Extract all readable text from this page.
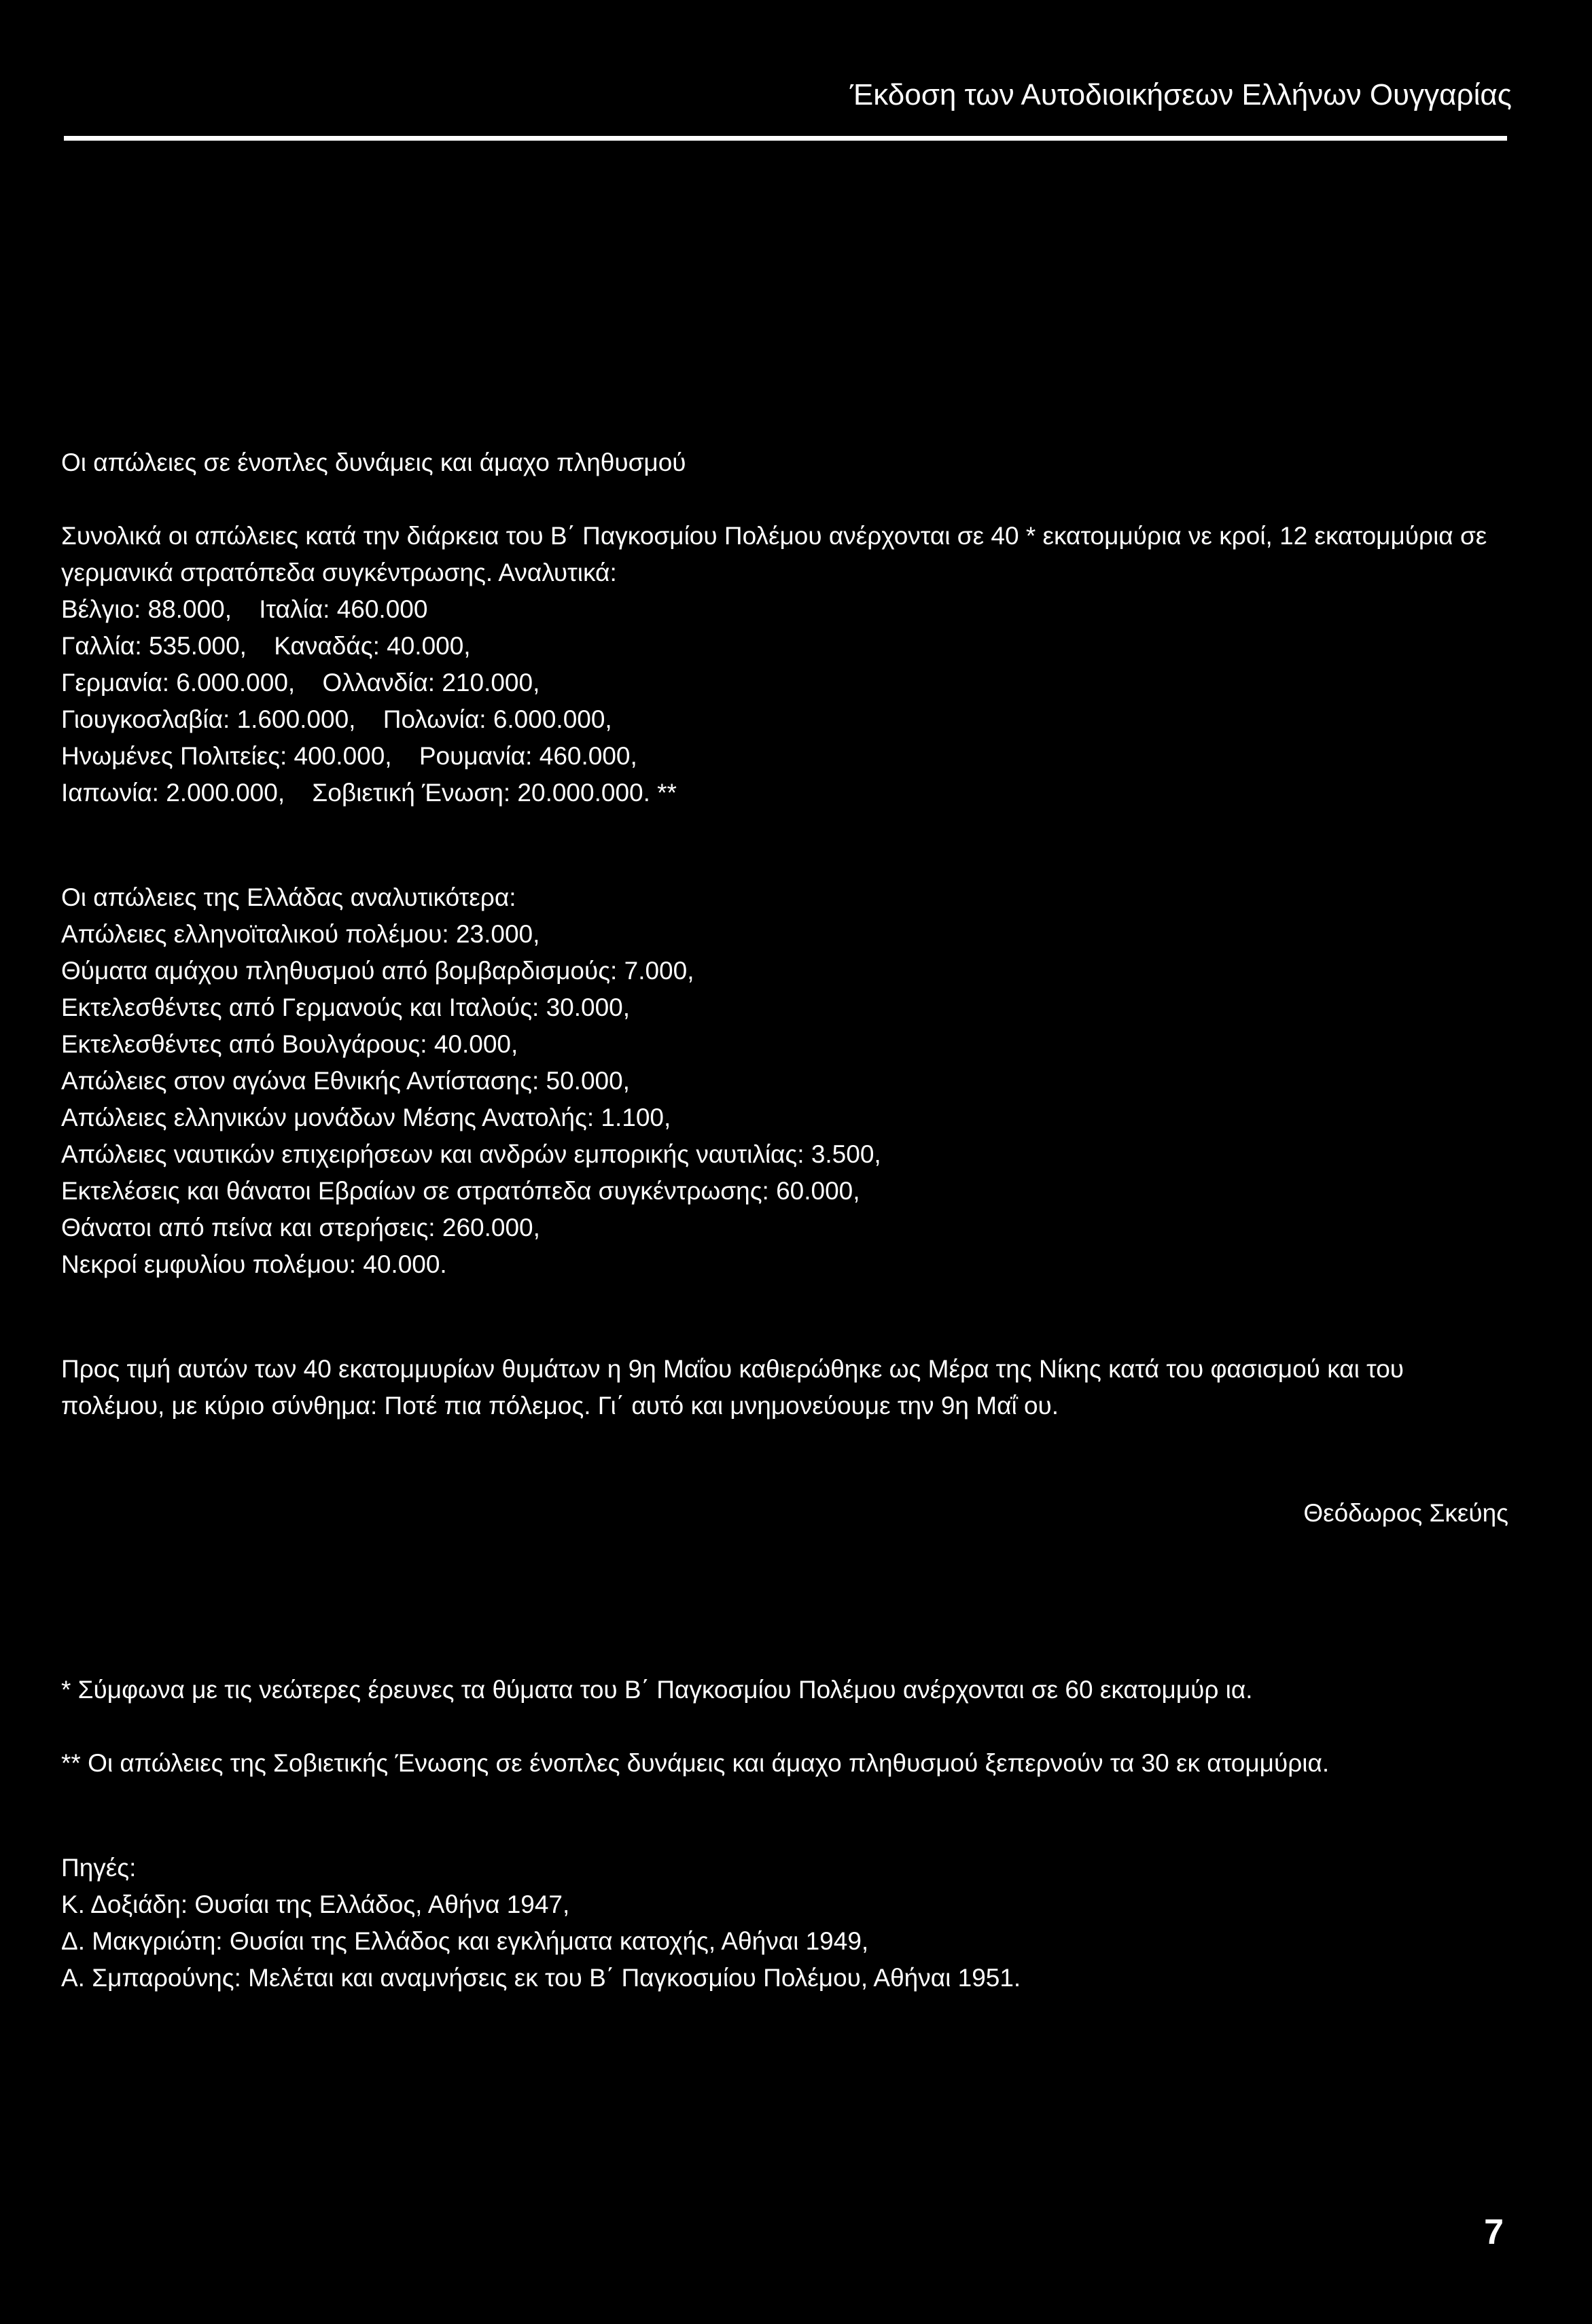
Έκδοση των Αυτοδιοικήσεων Ελλήνων Ουγγαρίας
Οι απώλειες σε ένοπλες δυνάμεις και άμαχο πληθυσμού
Συνολικά οι απώλειες κατά την διάρκεια του Β΄ Παγκοσμίου Πολέμου ανέρχονται σε 40 * εκατομμύρια νε κροί, 12 εκατομμύρια σε γερμανικά στρατόπεδα συγκέντρωσης. Αναλυτικά:
Βέλγιο: 88.000, Ιταλία: 460.000
Γαλλία: 535.000, Καναδάς: 40.000,
Γερμανία: 6.000.000, Ολλανδία: 210.000,
Γιουγκοσλαβία: 1.600.000, Πολωνία: 6.000.000,
Ηνωμένες Πολιτείες: 400.000, Ρουμανία: 460.000,
Ιαπωνία: 2.000.000, Σοβιετική Ένωση: 20.000.000. **
Οι απώλειες της Ελλάδας αναλυτικότερα:
Απώλειες ελληνοϊταλικού πολέμου: 23.000,
Θύματα αμάχου πληθυσμού από βομβαρδισμούς: 7.000,
Εκτελεσθέντες από Γερμανούς και Ιταλούς: 30.000,
Εκτελεσθέντες από Βουλγάρους: 40.000,
Απώλειες στον αγώνα Εθνικής Αντίστασης: 50.000,
Απώλειες ελληνικών μονάδων Μέσης Ανατολής: 1.100,
Απώλειες ναυτικών επιχειρήσεων και ανδρών εμπορικής ναυτιλίας: 3.500,
Εκτελέσεις και θάνατοι Εβραίων σε στρατόπεδα συγκέντρωσης: 60.000,
Θάνατοι από πείνα και στερήσεις: 260.000,
Νεκροί εμφυλίου πολέμου: 40.000.
Προς τιμή αυτών των 40 εκατομμυρίων θυμάτων η 9η Μαΐου καθιερώθηκε ως Μέρα της Νίκης κατά του φασισμού και του πολέμου, με κύριο σύνθημα: Ποτέ πια πόλεμος. Γι΄ αυτό και μνημονεύουμε την 9η Μαΐ ου.
Θεόδωρος Σκεύης
* Σύμφωνα με τις νεώτερες έρευνες τα θύματα του Β΄ Παγκοσμίου Πολέμου ανέρχονται σε 60 εκατομμύρ ια.
** Οι απώλειες της Σοβιετικής Ένωσης σε ένοπλες δυνάμεις και άμαχο πληθυσμού ξεπερνούν τα 30 εκ ατομμύρια.
Πηγές:
Κ. Δοξιάδη: Θυσίαι της Ελλάδος, Αθήνα 1947,
Δ. Μακγριώτη: Θυσίαι της Ελλάδος και εγκλήματα κατοχής, Αθήναι 1949,
Α. Σμπαρούνης: Μελέται και αναμνήσεις εκ του Β΄ Παγκοσμίου Πολέμου, Αθήναι 1951.
7
